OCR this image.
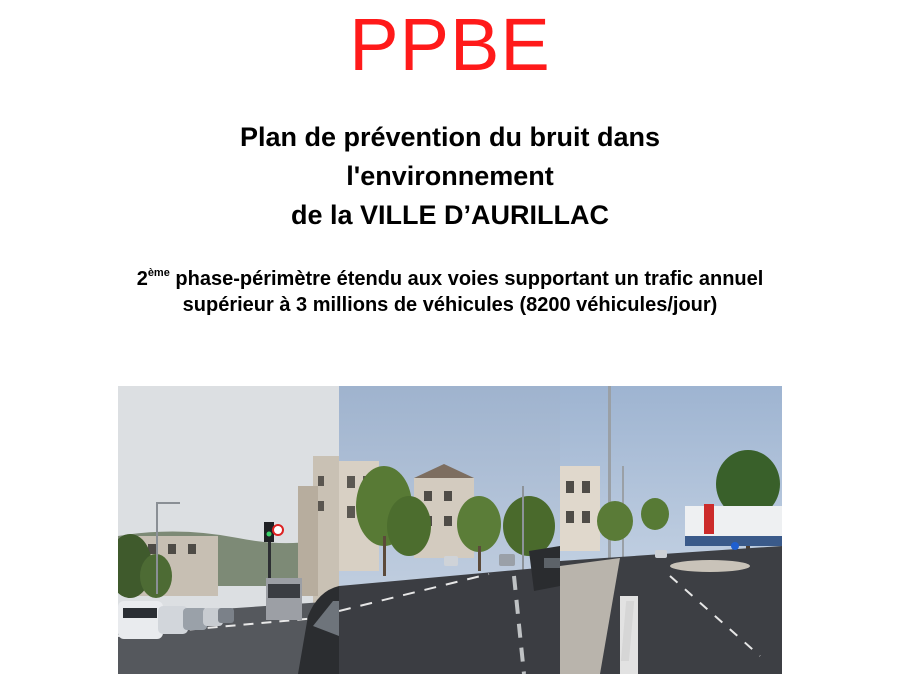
PPBE
Plan de prévention du bruit dans
l'environnement
de la VILLE D’AURILLAC
2ème phase-périmètre étendu aux voies supportant un trafic annuel supérieur à 3 millions de véhicules (8200 véhicules/jour)
